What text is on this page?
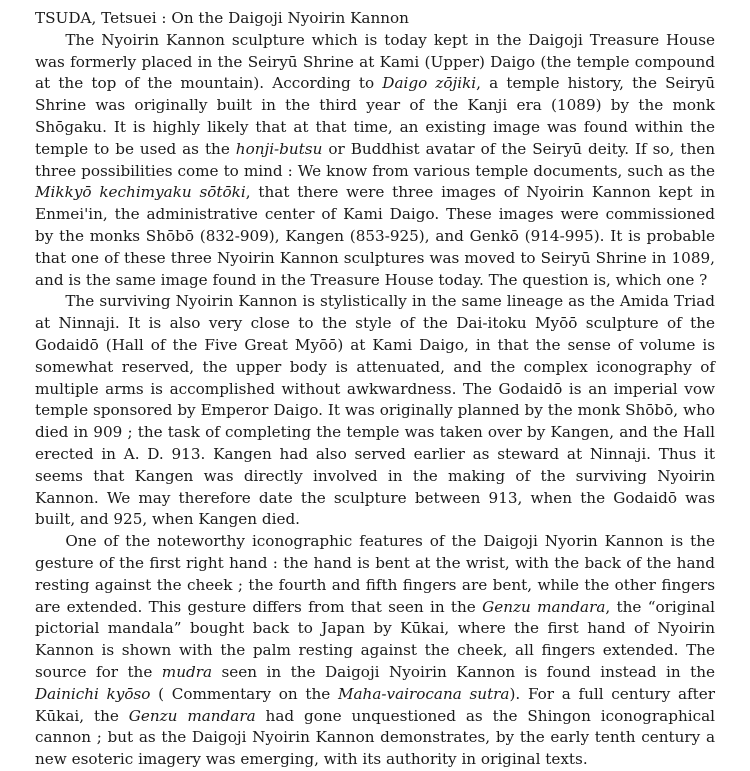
TSUDA, Tetsuei : On the Daigoji Nyoirin Kannon

The Nyoirin Kannon sculpture which is today kept in the Daigoji Treasure House was formerly placed in the Seiryū Shrine at Kami (Upper) Daigo (the temple compound at the top of the mountain). According to Daigo zōjiki, a temple history, the Seiryū Shrine was originally built in the third year of the Kanji era (1089) by the monk Shōgaku. It is highly likely that at that time, an existing image was found within the temple to be used as the honji-butsu or Buddhist avatar of the Seiryū deity. If so, then three possibilities come to mind : We know from various temple documents, such as the Mikkyō kechimyaku sōtōki, that there were three images of Nyoirin Kannon kept in Enmei'in, the administrative center of Kami Daigo. These images were commissioned by the monks Shōbō (832-909), Kangen (853-925), and Genkō (914-995). It is probable that one of these three Nyoirin Kannon sculptures was moved to Seiryū Shrine in 1089, and is the same image found in the Treasure House today. The question is, which one ?

The surviving Nyoirin Kannon is stylistically in the same lineage as the Amida Triad at Ninnaji. It is also very close to the style of the Dai-itoku Myōō sculpture of the Godaidō (Hall of the Five Great Myōō) at Kami Daigo, in that the sense of volume is somewhat reserved, the upper body is attenuated, and the complex iconography of multiple arms is accomplished without awkwardness. The Godaidō is an imperial vow temple sponsored by Emperor Daigo. It was originally planned by the monk Shōbō, who died in 909 ; the task of completing the temple was taken over by Kangen, and the Hall erected in A. D. 913. Kangen had also served earlier as steward at Ninnaji. Thus it seems that Kangen was directly involved in the making of the surviving Nyoirin Kannon. We may therefore date the sculpture between 913, when the Godaidō was built, and 925, when Kangen died.

One of the noteworthy iconographic features of the Daigoji Nyorin Kannon is the gesture of the first right hand : the hand is bent at the wrist, with the back of the hand resting against the cheek ; the fourth and fifth fingers are bent, while the other fingers are extended. This gesture differs from that seen in the Genzu mandara, the “original pictorial mandala” bought back to Japan by Kūkai, where the first hand of Nyoirin Kannon is shown with the palm resting against the cheek, all fingers extended. The source for the mudra seen in the Daigoji Nyoirin Kannon is found instead in the Dainichi kyōso ( Commentary on the Maha-vairocana sutra). For a full century after Kūkai, the Genzu mandara had gone unquestioned as the Shingon iconographical cannon ; but as the Daigoji Nyoirin Kannon demonstrates, by the early tenth century a new esoteric imagery was emerging, with its authority in original texts.
